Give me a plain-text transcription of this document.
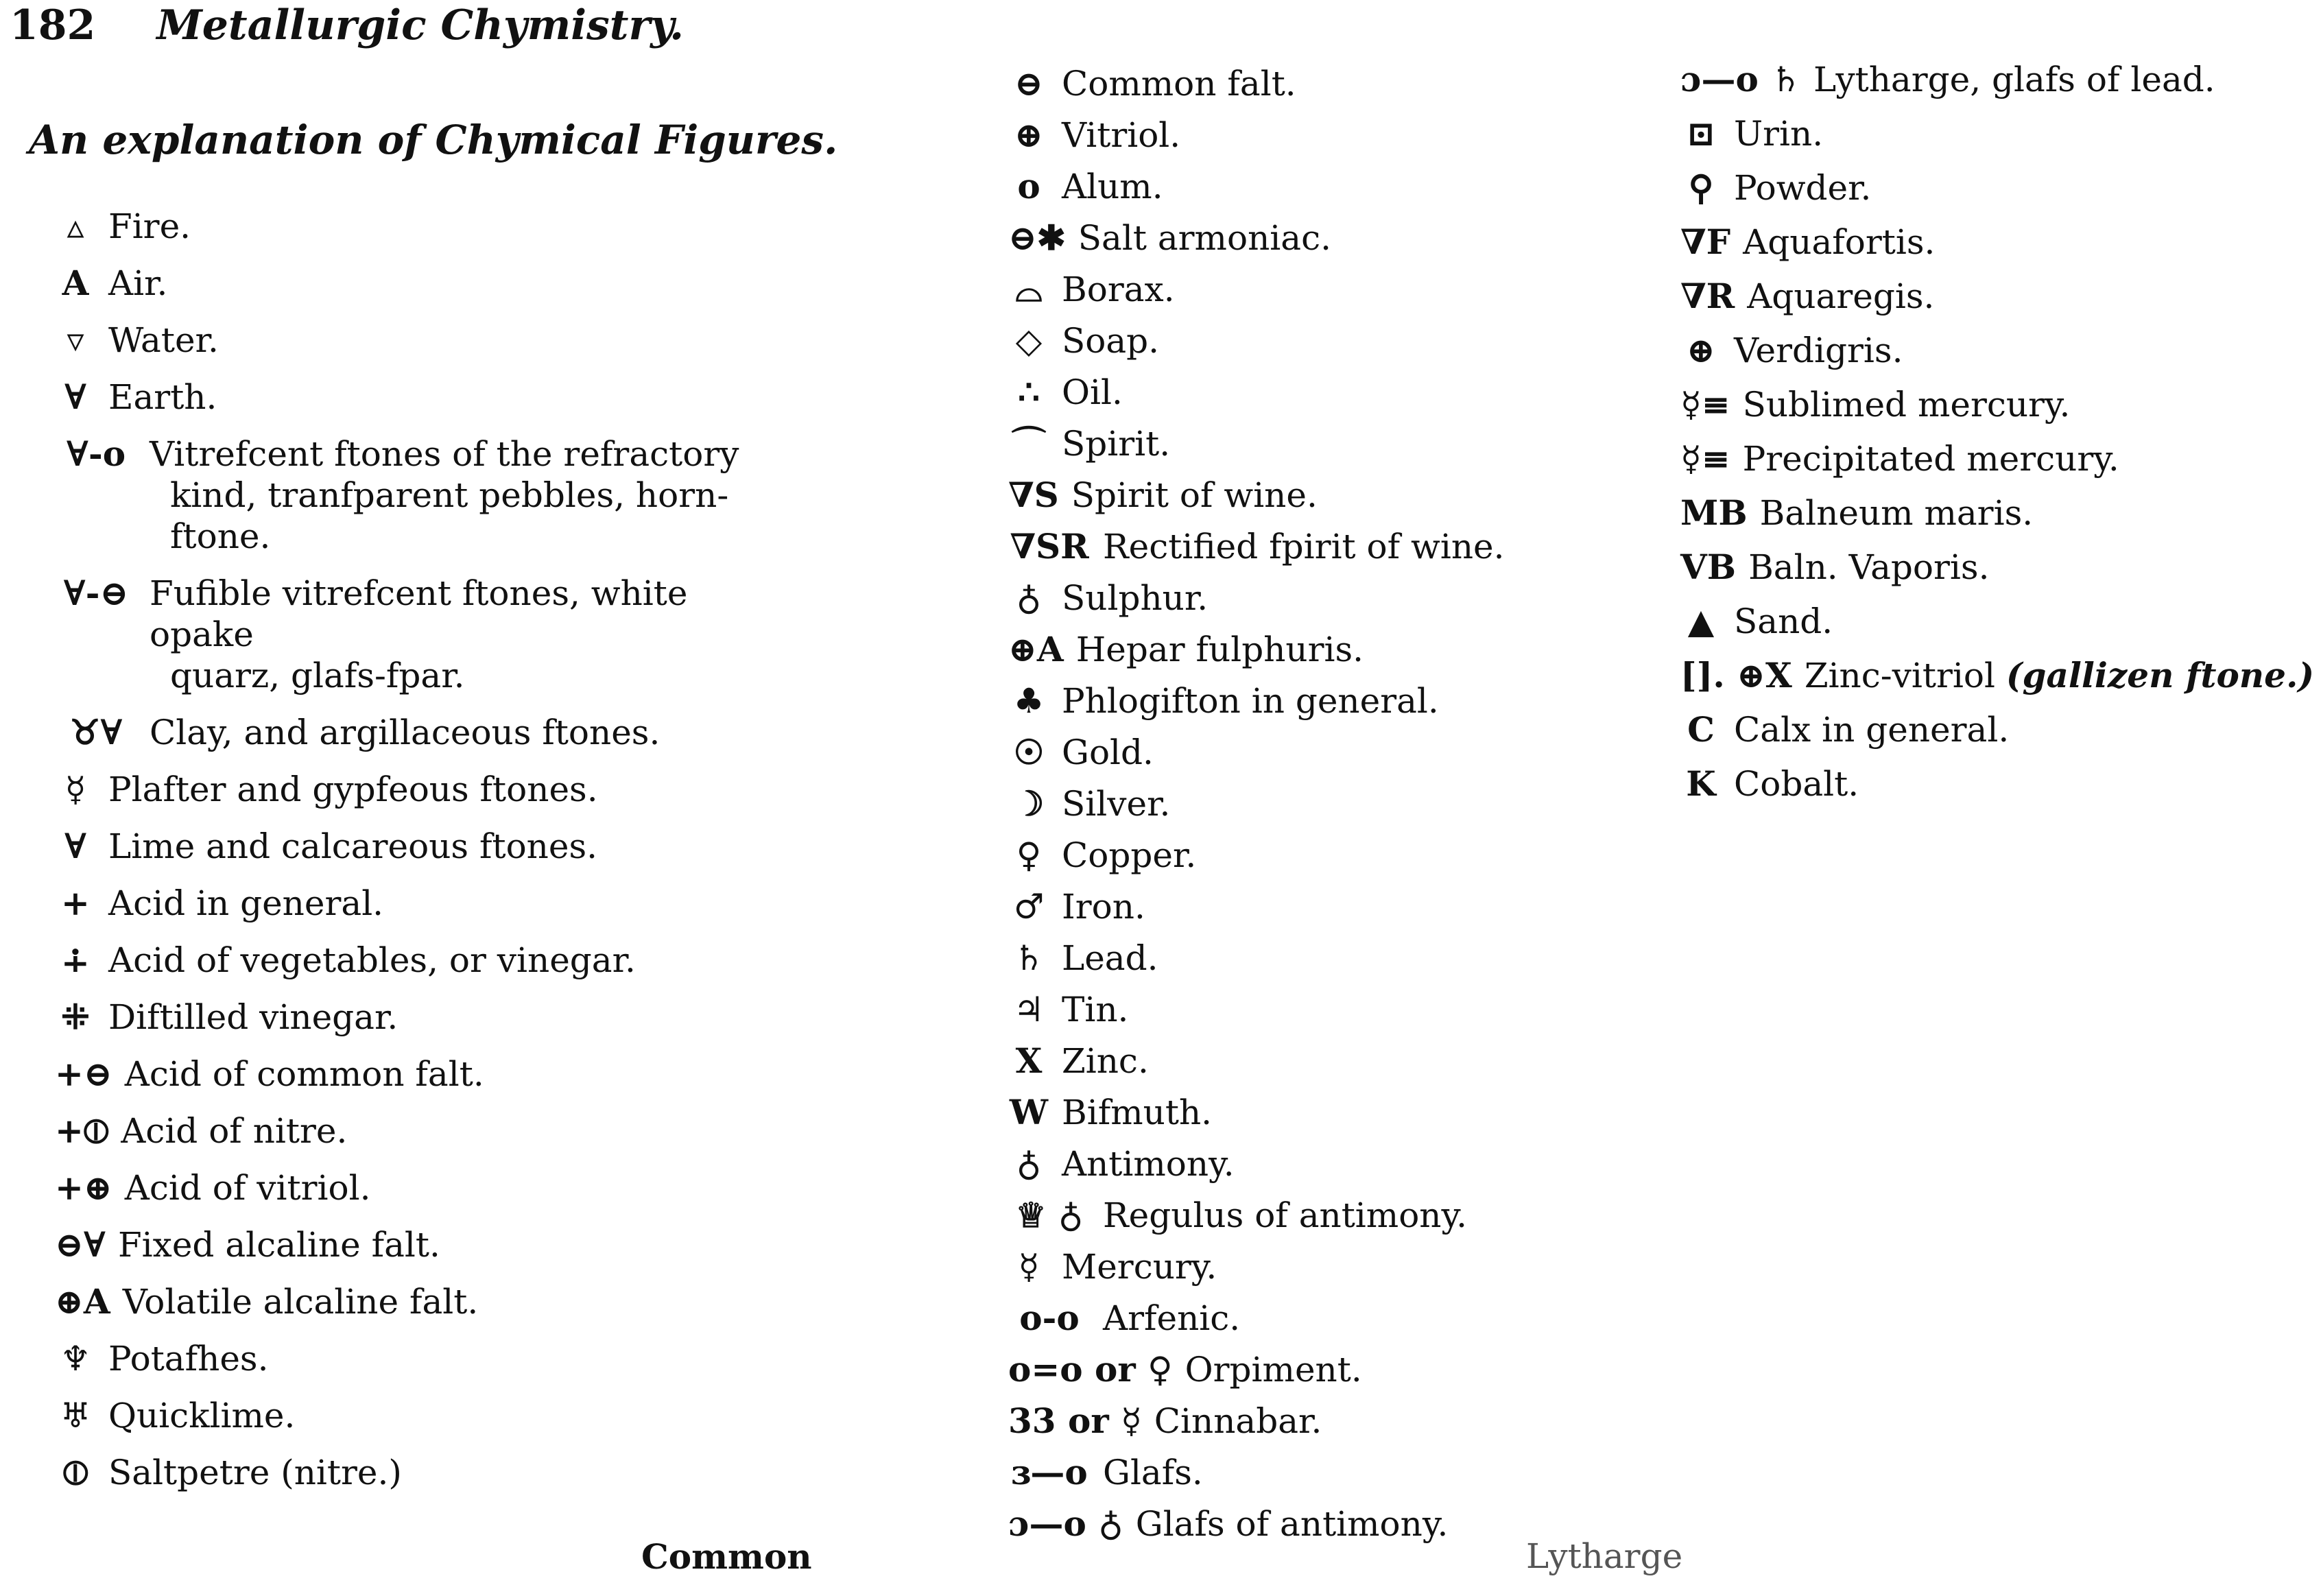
182 Metallurgic Chymistry.
An explanation of Chymical Figures.
▵ Fire.
A Air.
▿ Water.
∀ Earth.
∀-o Vitrefcent ftones of the refractory
kind, tranfparent pebbles, horn-
ftone.
∀-⊖ Fufible vitrefcent ftones, white opake
quarz, glafs-fpar.
♉︎∀ Clay, and argillaceous ftones.
☿ Plafter and gypfeous ftones.
∀ Lime and calcareous ftones.
+ Acid in general.
∔ Acid of vegetables, or vinegar.
⁜ Diftilled vinegar.
+⊖ Acid of common falt.
+⦶ Acid of nitre.
+⊕ Acid of vitriol.
⊖∀ Fixed alcaline falt.
⊕A Volatile alcaline falt.
♆ Potafhes.
♅ Quicklime.
⦶ Saltpetre (nitre.)
⊖ Common falt.
⊕ Vitriol.
o Alum.
⊖✱ Salt armoniac.
⌓ Borax.
◇ Soap.
∴ Oil.
⌒ Spirit.
∇S Spirit of wine.
∇SR Rectified fpirit of wine.
♁ Sulphur.
⊕A Hepar fulphuris.
♣ Phlogifton in general.
☉ Gold.
☽ Silver.
♀ Copper.
♂ Iron.
♄ Lead.
♃ Tin.
X Zinc.
W Bifmuth.
♁ Antimony.
♕ ♁ Regulus of antimony.
☿ Mercury.
o-o Arfenic.
o=o or ♀ Orpiment.
33 or ☿ Cinnabar.
ɜ—o Glafs.
ɔ—o ♁ Glafs of antimony.
ɔ—o ♄ Lytharge, glafs of lead.
⊡ Urin.
⚲ Powder.
∇F Aquafortis.
∇R Aquaregis.
⊕ Verdigris.
☿≡ Sublimed mercury.
☿≡ Precipitated mercury.
MB Balneum maris.
VB Baln. Vaporis.
▲ Sand.
[]. ⊕X Zinc-vitriol (gallizen ftone.)
C Calx in general.
K Cobalt.
Common	Lytharge
